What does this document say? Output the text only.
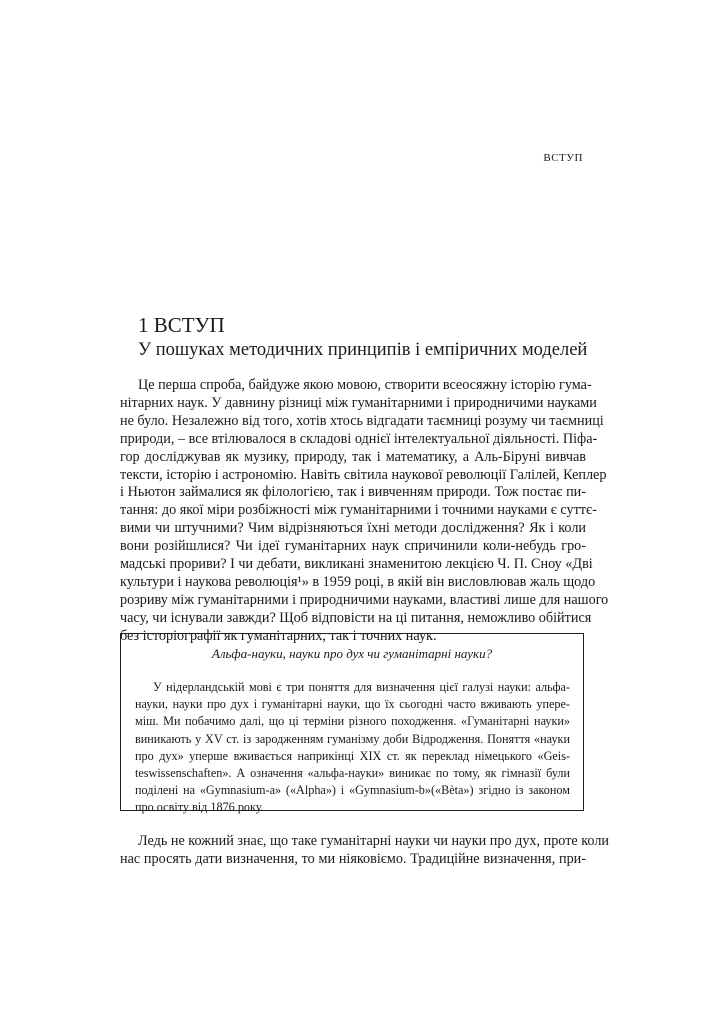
ВСТУП
1 ВСТУП
У пошуках методичних принципів і емпіричних моделей
Це перша спроба, байдуже якою мовою, створити всеосяжну історію гума-
нітарних наук. У давнину різниці між гуманітарними і природничими науками
не було. Незалежно від того, хотів хтось відгадати таємниці розуму чи таємниці
природи, – все втілювалося в складові однієї інтелектуальної діяльності. Піфа-
гор досліджував як музику, природу, так і математику, а Аль-Біруні вивчав
тексти, історію і астрономію. Навіть світила наукової революції Галілей, Кеплер
і Ньютон займалися як філологією, так і вивченням природи. Тож постає пи-
тання: до якої міри розбіжності між гуманітарними і точними науками є суттє-
вими чи штучними? Чим відрізняються їхні методи дослідження? Як і коли
вони розійшлися? Чи ідеї гуманітарних наук спричинили коли-небудь гро-
мадські прориви? І чи дебати, викликані знаменитою лекцією Ч. П. Сноу «Дві
культури і наукова революція¹» в 1959 році, в якій він висловлював жаль щодо
розриву між гуманітарними і природничими науками, властиві лише для нашого
часу, чи існували завжди? Щоб відповісти на ці питання, неможливо обійтися
без історіографії як гуманітарних, так і точних наук.
Альфа-науки, науки про дух чи гуманітарні науки?
У нідерландській мові є три поняття для визначення цієї галузі науки: альфа-
науки, науки про дух і гуманітарні науки, що їх сьогодні часто вживають упере-
міш. Ми побачимо далі, що ці терміни різного походження. «Гуманітарні науки»
виникають у XV ст. із зародженням гуманізму доби Відродження. Поняття «науки
про дух» уперше вживається наприкінці XIX ст. як переклад німецького «Geis-
teswissenschaften». А означення «альфа-науки» виникає по тому, як гімназії були
поділені на «Gymnasium-a» («Alpha») і «Gymnasium-b»(«Bèta») згідно із законом
про освіту від 1876 року.
Ледь не кожний знає, що таке гуманітарні науки чи науки про дух, проте коли
нас просять дати визначення, то ми ніяковіємо. Традиційне визначення, при-
